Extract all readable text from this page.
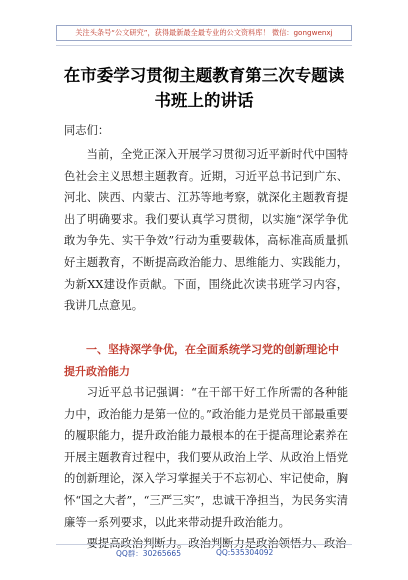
关注头条号“公文研究”，获得最新最全最专业的公文资料库！ 微信：gongwenxj
在市委学习贯彻主题教育第三次专题读书班上的讲话
同志们：

当前，全党正深入开展学习贯彻习近平新时代中国特色社会主义思想主题教育。近期，习近平总书记到广东、河北、陕西、内蒙古、江苏等地考察，就深化主题教育提出了明确要求。我们要认真学习贯彻，以实施“深学争优敢为争先、实干争效”行动为重要载体，高标准高质量抓好主题教育，不断提高政治能力、思维能力、实践能力，为新XX建设作贡献。下面，围绕此次读书班学习内容，我讲几点意见。

一、坚持深学争优，在全面系统学习党的创新理论中提升政治能力

习近平总书记强调：“在干部干好工作所需的各种能力中，政治能力是第一位的。”政治能力是党员干部最重要的履职能力，提升政治能力最根本的在于提高理论素养在开展主题教育过程中，我们要从政治上学、从政治上悟党的创新理论，深入学习掌握关于不忘初心、牢记使命，胸怀“国之大者”，“三严三实”，忠诚干净担当，为民务实清廉等一系列要求，以此来带动提升政治能力。

要提高政治判断力。政治判断力是政治领悟力、政治

QQ群：30265665	QQ:535304092
